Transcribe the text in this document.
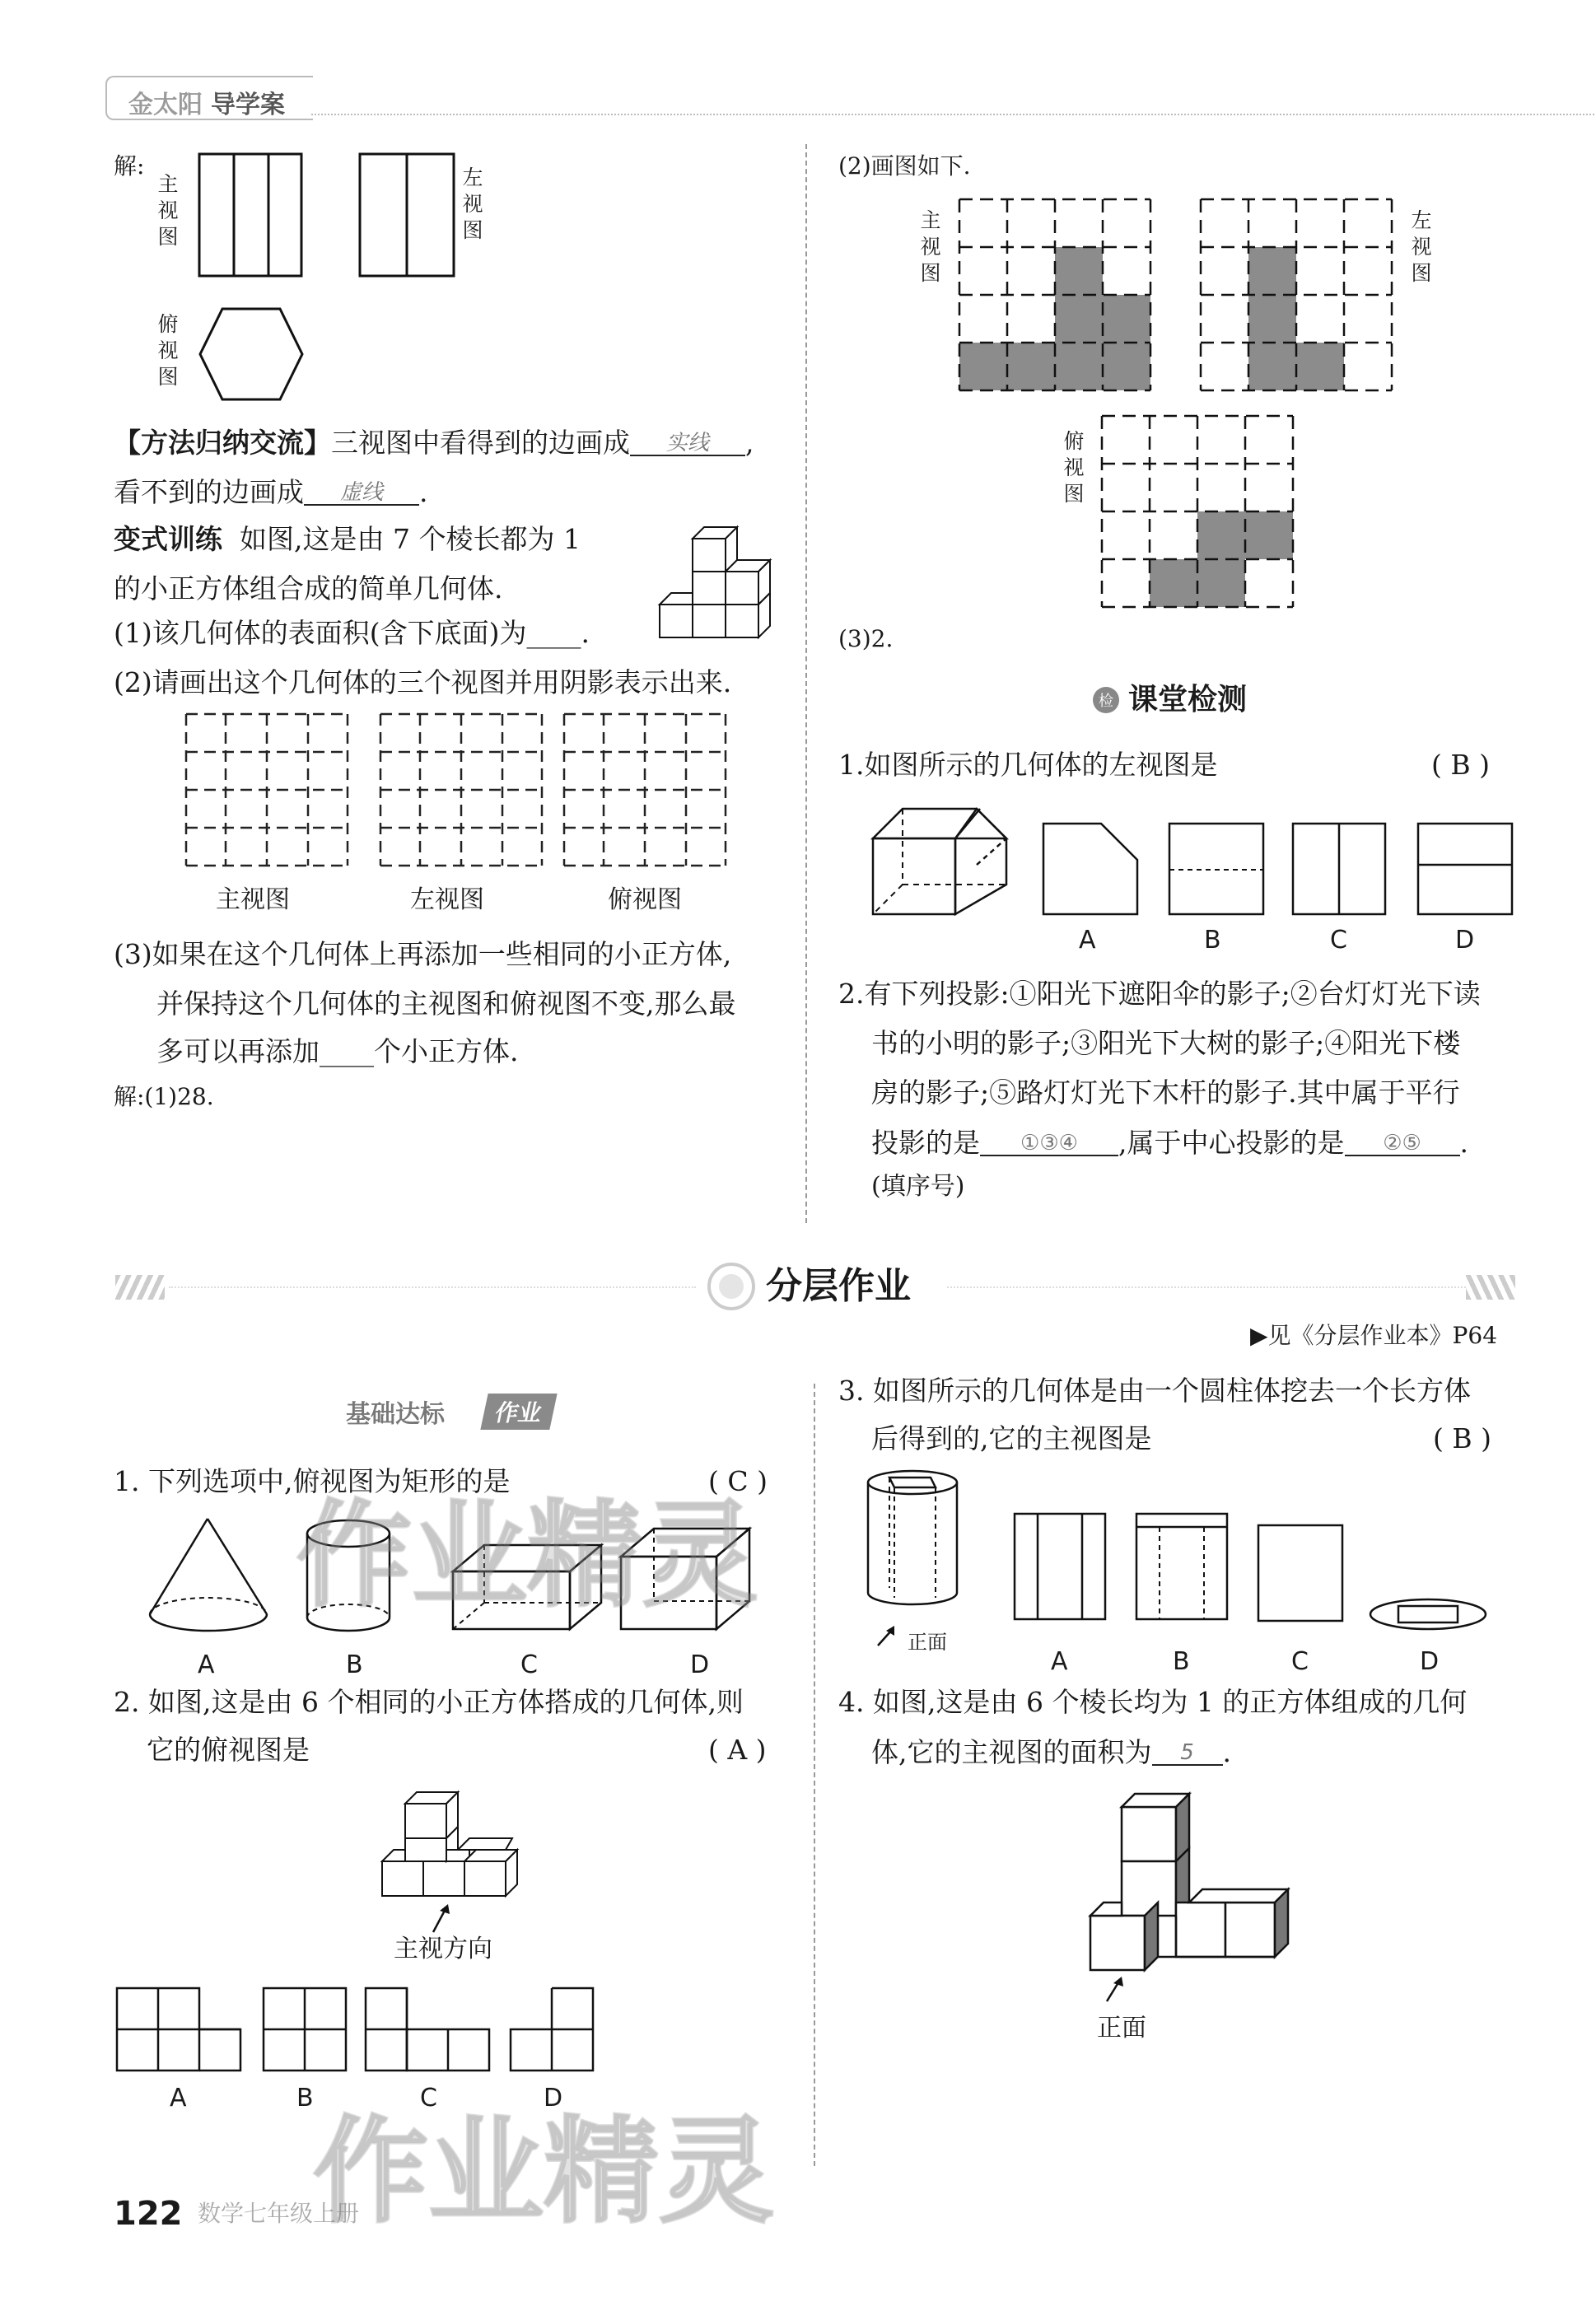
金太阳 导学案
解:
主视图
左视图
俯视图
【方法归纳交流】三视图中看得到的边画成 实线 ,
看不到的边画成 虚线 .
变式训练 如图,这是由 7 个棱长都为 1
的小正方体组合成的简单几何体.
(1)该几何体的表面积(含下底面)为____.
(2)请画出这个几何体的三个视图并用阴影表示出来.
主视图	左视图	俯视图
(3)如果在这个几何体上再添加一些相同的小正方体,
并保持这个几何体的主视图和俯视图不变,那么最
多可以再添加____个小正方体.
解:(1)28.
(2)画图如下.
主视图
左视图
俯视图
(3)2.
检 课堂检测
1.如图所示的几何体的左视图是	( B )
A	B	C	D
2.有下列投影:①阳光下遮阳伞的影子;②台灯灯光下读
书的小明的影子;③阳光下大树的影子;④阳光下楼
房的影子;⑤路灯灯光下木杆的影子.其中属于平行
投影的是 ①③④ ,属于中心投影的是 ②⑤ .
(填序号)
分层作业
▶见《分层作业本》P64
基础达标	作业
1. 下列选项中,俯视图为矩形的是	( C )
A	B	C	D
2. 如图,这是由 6 个相同的小正方体搭成的几何体,则
它的俯视图是	( A )
主视方向
A	B	C	D
3. 如图所示的几何体是由一个圆柱体挖去一个长方体
后得到的,它的主视图是	( B )
正面
A	B	C	D
4. 如图,这是由 6 个棱长均为 1 的正方体组成的几何
体,它的主视图的面积为 5 .
正面
122 数学七年级上册
作业精灵
作业精灵
